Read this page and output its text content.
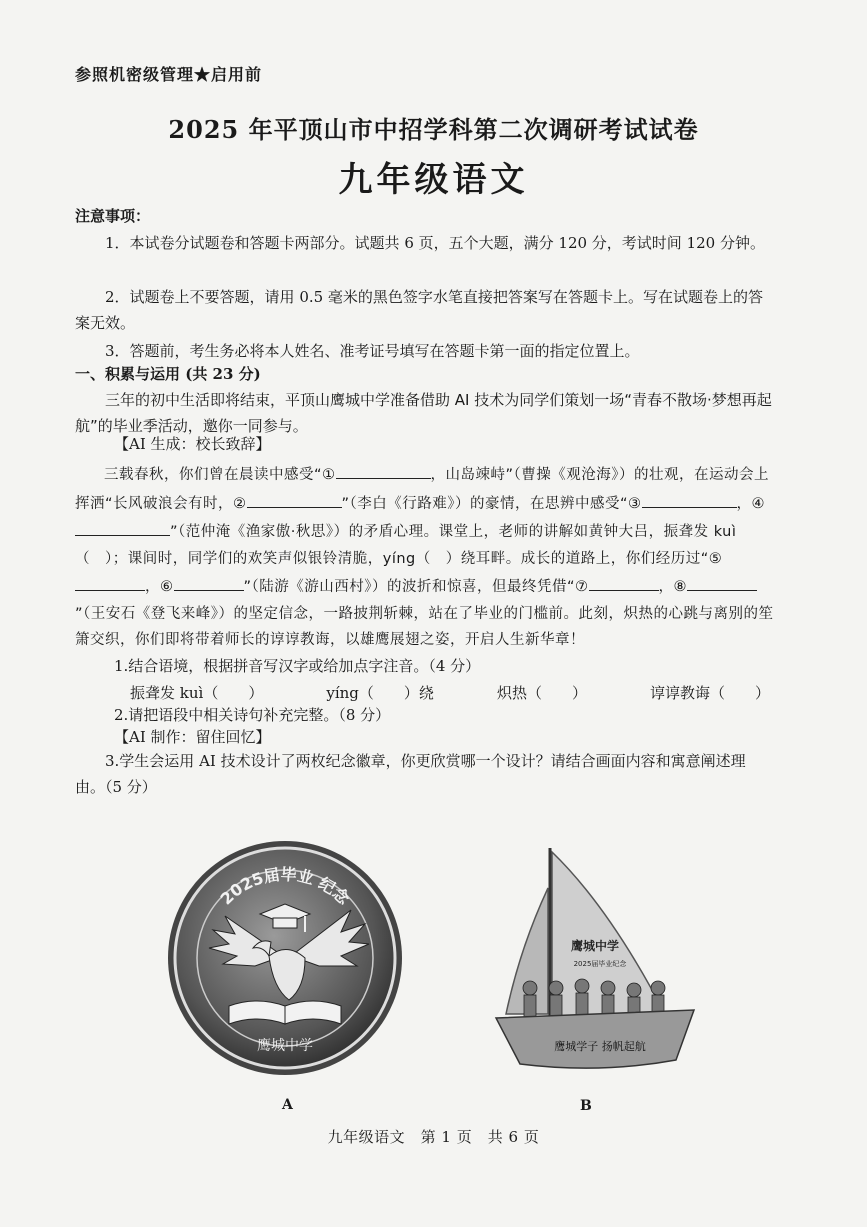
参照机密级管理★启用前
2025 年平顶山市中招学科第二次调研考试试卷
九年级语文
注意事项：

1．本试卷分试题卷和答题卡两部分。试题共 6 页，五个大题，满分 120 分，考试时间 120 分钟。

2．试题卷上不要答题，请用 0.5 毫米的黑色签字水笔直接把答案写在答题卡上。写在试题卷上的答案无效。

3．答题前，考生务必将本人姓名、准考证号填写在答题卡第一面的指定位置上。

一、积累与运用 (共 23 分)

三年的初中生活即将结束，平顶山鹰城中学准备借助 AI 技术为同学们策划一场“青春不散场·梦想再起航”的毕业季活动，邀你一同参与。

【AI 生成：校长致辞】

三载春秋，你们曾在晨读中感受“①	，山岛竦峙”（曹操《观沧海》）的壮观，在运动会上挥洒“长风破浪会有时，②	”（李白《行路难》）的豪情，在思辨中感受“③	，④”（范仲淹《渔家傲·秋思》）的矛盾心理。课堂上，老师的讲解如黄钟大吕，振聋发 kuì（　）；课间时，同学们的欢笑声似银铃清脆，yíng（　）绕耳畔。成长的道路上，你们经历过“⑤，⑥	”（陆游《游山西村》）的波折和惊喜，但最终凭借“⑦	，⑧”（王安石《登飞来峰》）的坚定信念，一路披荆斩棘，站在了毕业的门槛前。此刻，炽热的心跳与离别的笙箫交织，你们即将带着师长的谆谆教诲，以雄鹰展翅之姿，开启人生新华章！

1.结合语境，根据拼音写汉字或给加点字注音。（4 分）
振聋发 kuì（　　）	yíng（　　）绕	炽热（　　）	谆谆教诲（　　）
2.请把语段中相关诗句补充完整。（8 分）
【AI 制作：留住回忆】

3.学生会运用 AI 技术设计了两枚纪念徽章，你更欣赏哪一个设计？请结合画面内容和寓意阐述理由。（5 分）

2025届毕业 纪念
鹰城中学
鹰城中学
2025届毕业纪念
鹰城学子 扬帆起航
A	B
九年级语文　第 1 页　共 6 页
